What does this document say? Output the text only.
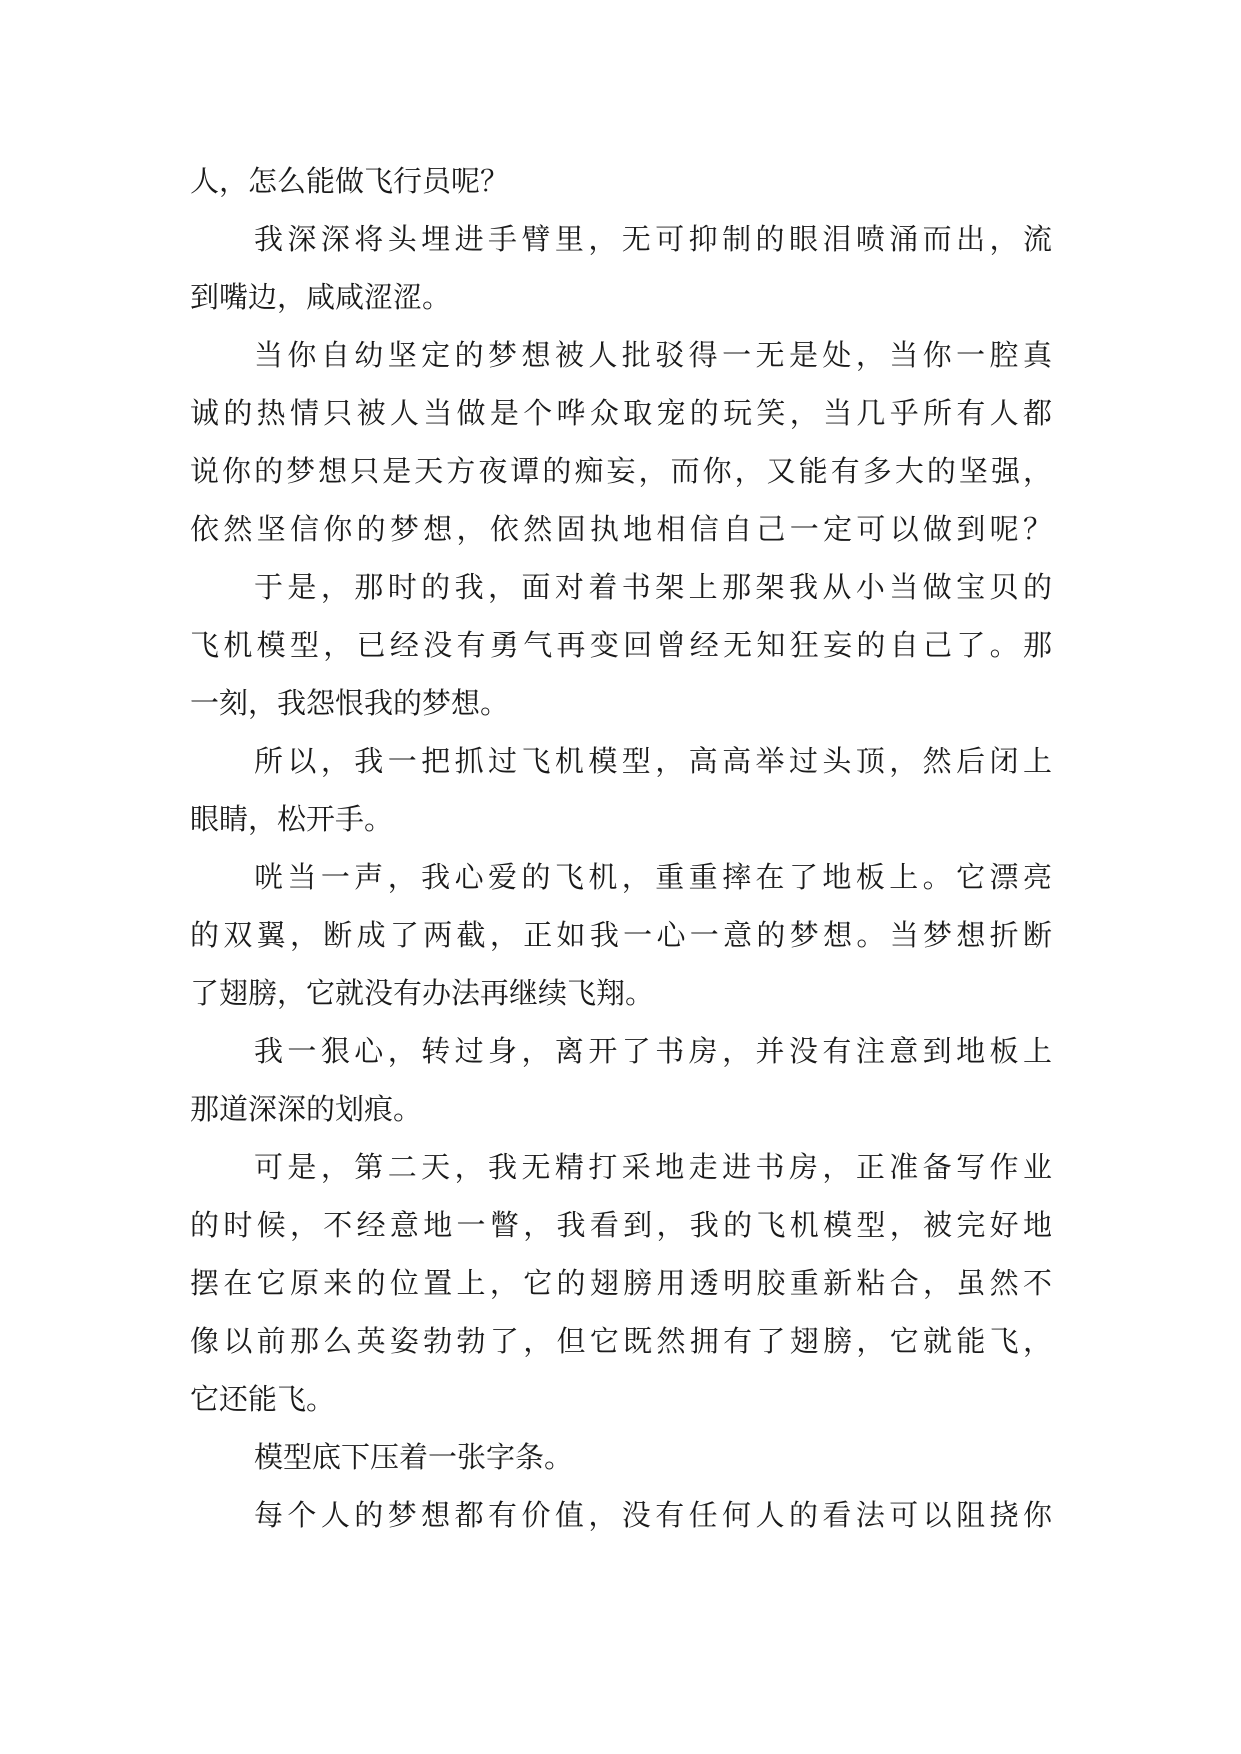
人，怎么能做飞行员呢？
我深深将头埋进手臂里，无可抑制的眼泪喷涌而出，流
到嘴边，咸咸涩涩。
当你自幼坚定的梦想被人批驳得一无是处，当你一腔真
诚的热情只被人当做是个哗众取宠的玩笑，当几乎所有人都
说你的梦想只是天方夜谭的痴妄，而你，又能有多大的坚强，
依然坚信你的梦想，依然固执地相信自己一定可以做到呢？
于是，那时的我，面对着书架上那架我从小当做宝贝的
飞机模型，已经没有勇气再变回曾经无知狂妄的自己了。那
一刻，我怨恨我的梦想。
所以，我一把抓过飞机模型，高高举过头顶，然后闭上
眼睛，松开手。
咣当一声，我心爱的飞机，重重摔在了地板上。它漂亮
的双翼，断成了两截，正如我一心一意的梦想。当梦想折断
了翅膀，它就没有办法再继续飞翔。
我一狠心，转过身，离开了书房，并没有注意到地板上
那道深深的划痕。
可是，第二天，我无精打采地走进书房，正准备写作业
的时候，不经意地一瞥，我看到，我的飞机模型，被完好地
摆在它原来的位置上，它的翅膀用透明胶重新粘合，虽然不
像以前那么英姿勃勃了，但它既然拥有了翅膀，它就能飞，
它还能飞。
模型底下压着一张字条。
每个人的梦想都有价值，没有任何人的看法可以阻挠你
